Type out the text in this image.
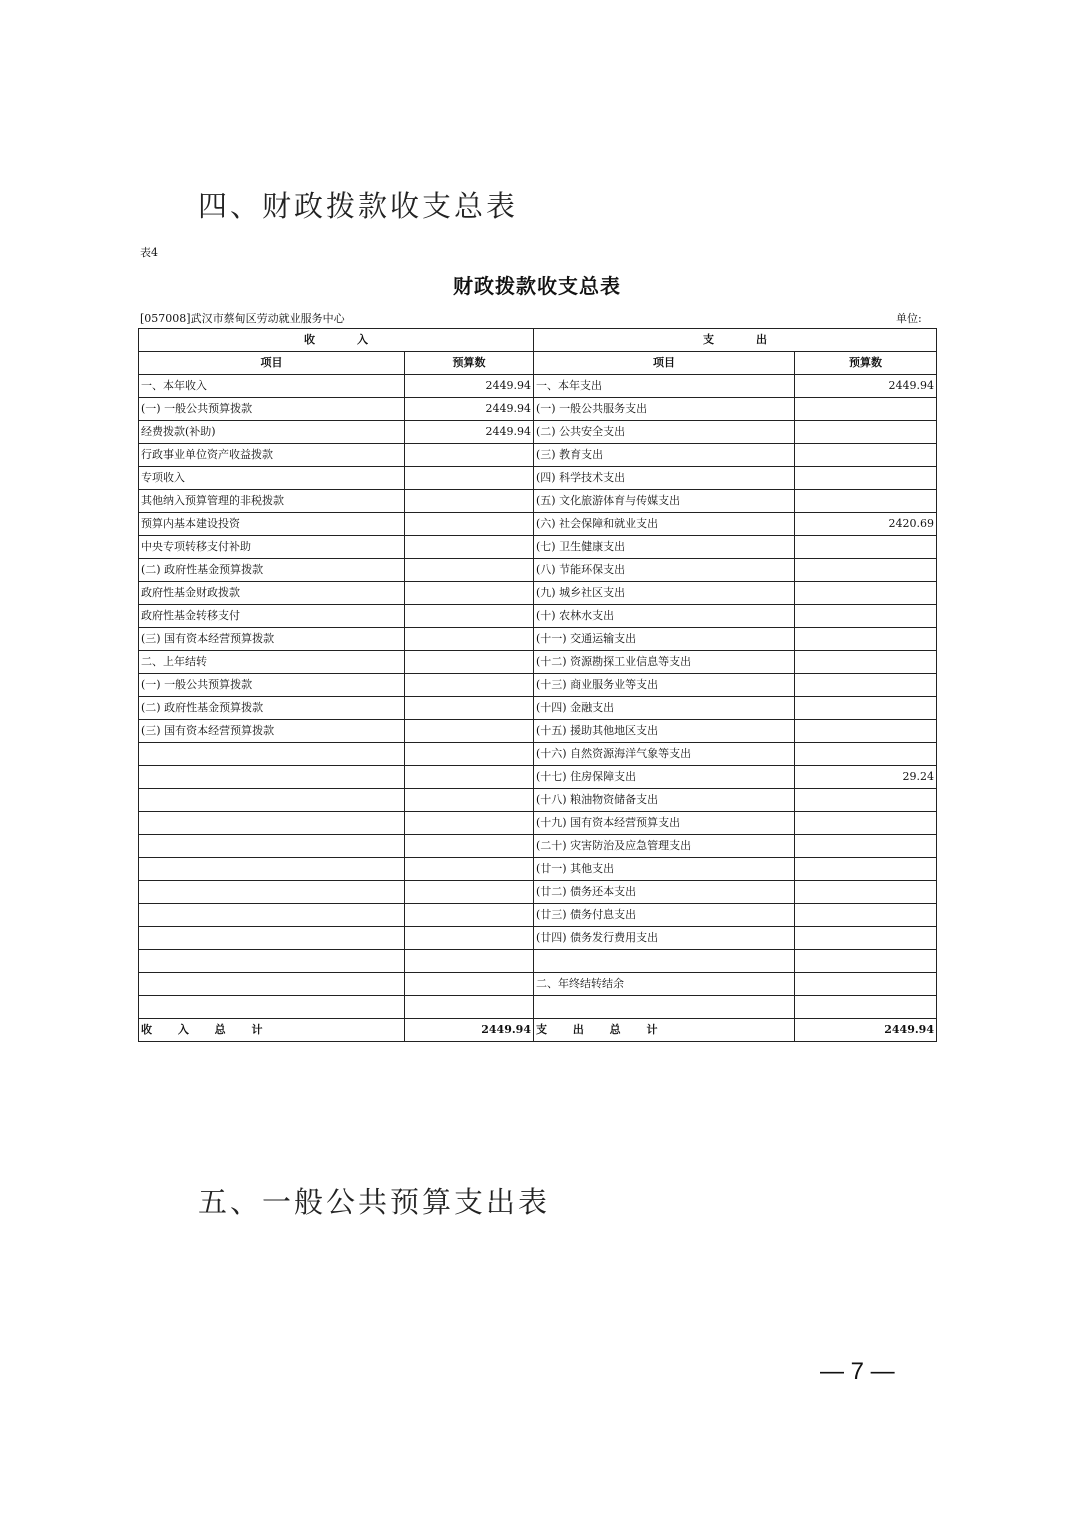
四、财政拨款收支总表
表4
财政拨款收支总表
[057008]武汉市蔡甸区劳动就业服务中心	单位:
收入		支出	
项目	预算数	项目	预算数
一、本年收入	2449.94	一、本年支出	2449.94
(一) 一般公共预算拨款	2449.94	(一) 一般公共服务支出	
经费拨款(补助)	2449.94	(二) 公共安全支出	
行政事业单位资产收益拨款		(三) 教育支出	
专项收入		(四) 科学技术支出	
其他纳入预算管理的非税拨款		(五) 文化旅游体育与传媒支出	
预算内基本建设投资		(六) 社会保障和就业支出	2420.69
中央专项转移支付补助		(七) 卫生健康支出	
(二) 政府性基金预算拨款		(八) 节能环保支出	
政府性基金财政拨款		(九) 城乡社区支出	
政府性基金转移支付		(十) 农林水支出	
(三) 国有资本经营预算拨款		(十一) 交通运输支出	
二、上年结转		(十二) 资源勘探工业信息等支出	
(一) 一般公共预算拨款		(十三) 商业服务业等支出	
(二) 政府性基金预算拨款		(十四) 金融支出	
(三) 国有资本经营预算拨款		(十五) 援助其他地区支出	
		(十六) 自然资源海洋气象等支出	
		(十七) 住房保障支出	29.24
		(十八) 粮油物资储备支出	
		(十九) 国有资本经营预算支出	
		(二十) 灾害防治及应急管理支出	
		(廿一) 其他支出	
		(廿二) 债务还本支出	
		(廿三) 债务付息支出	
		(廿四) 债务发行费用支出	

		二、年终结转结余	

收 入 总 计	2449.94	支 出 总 计	2449.94
五、一般公共预算支出表
— 7 —
